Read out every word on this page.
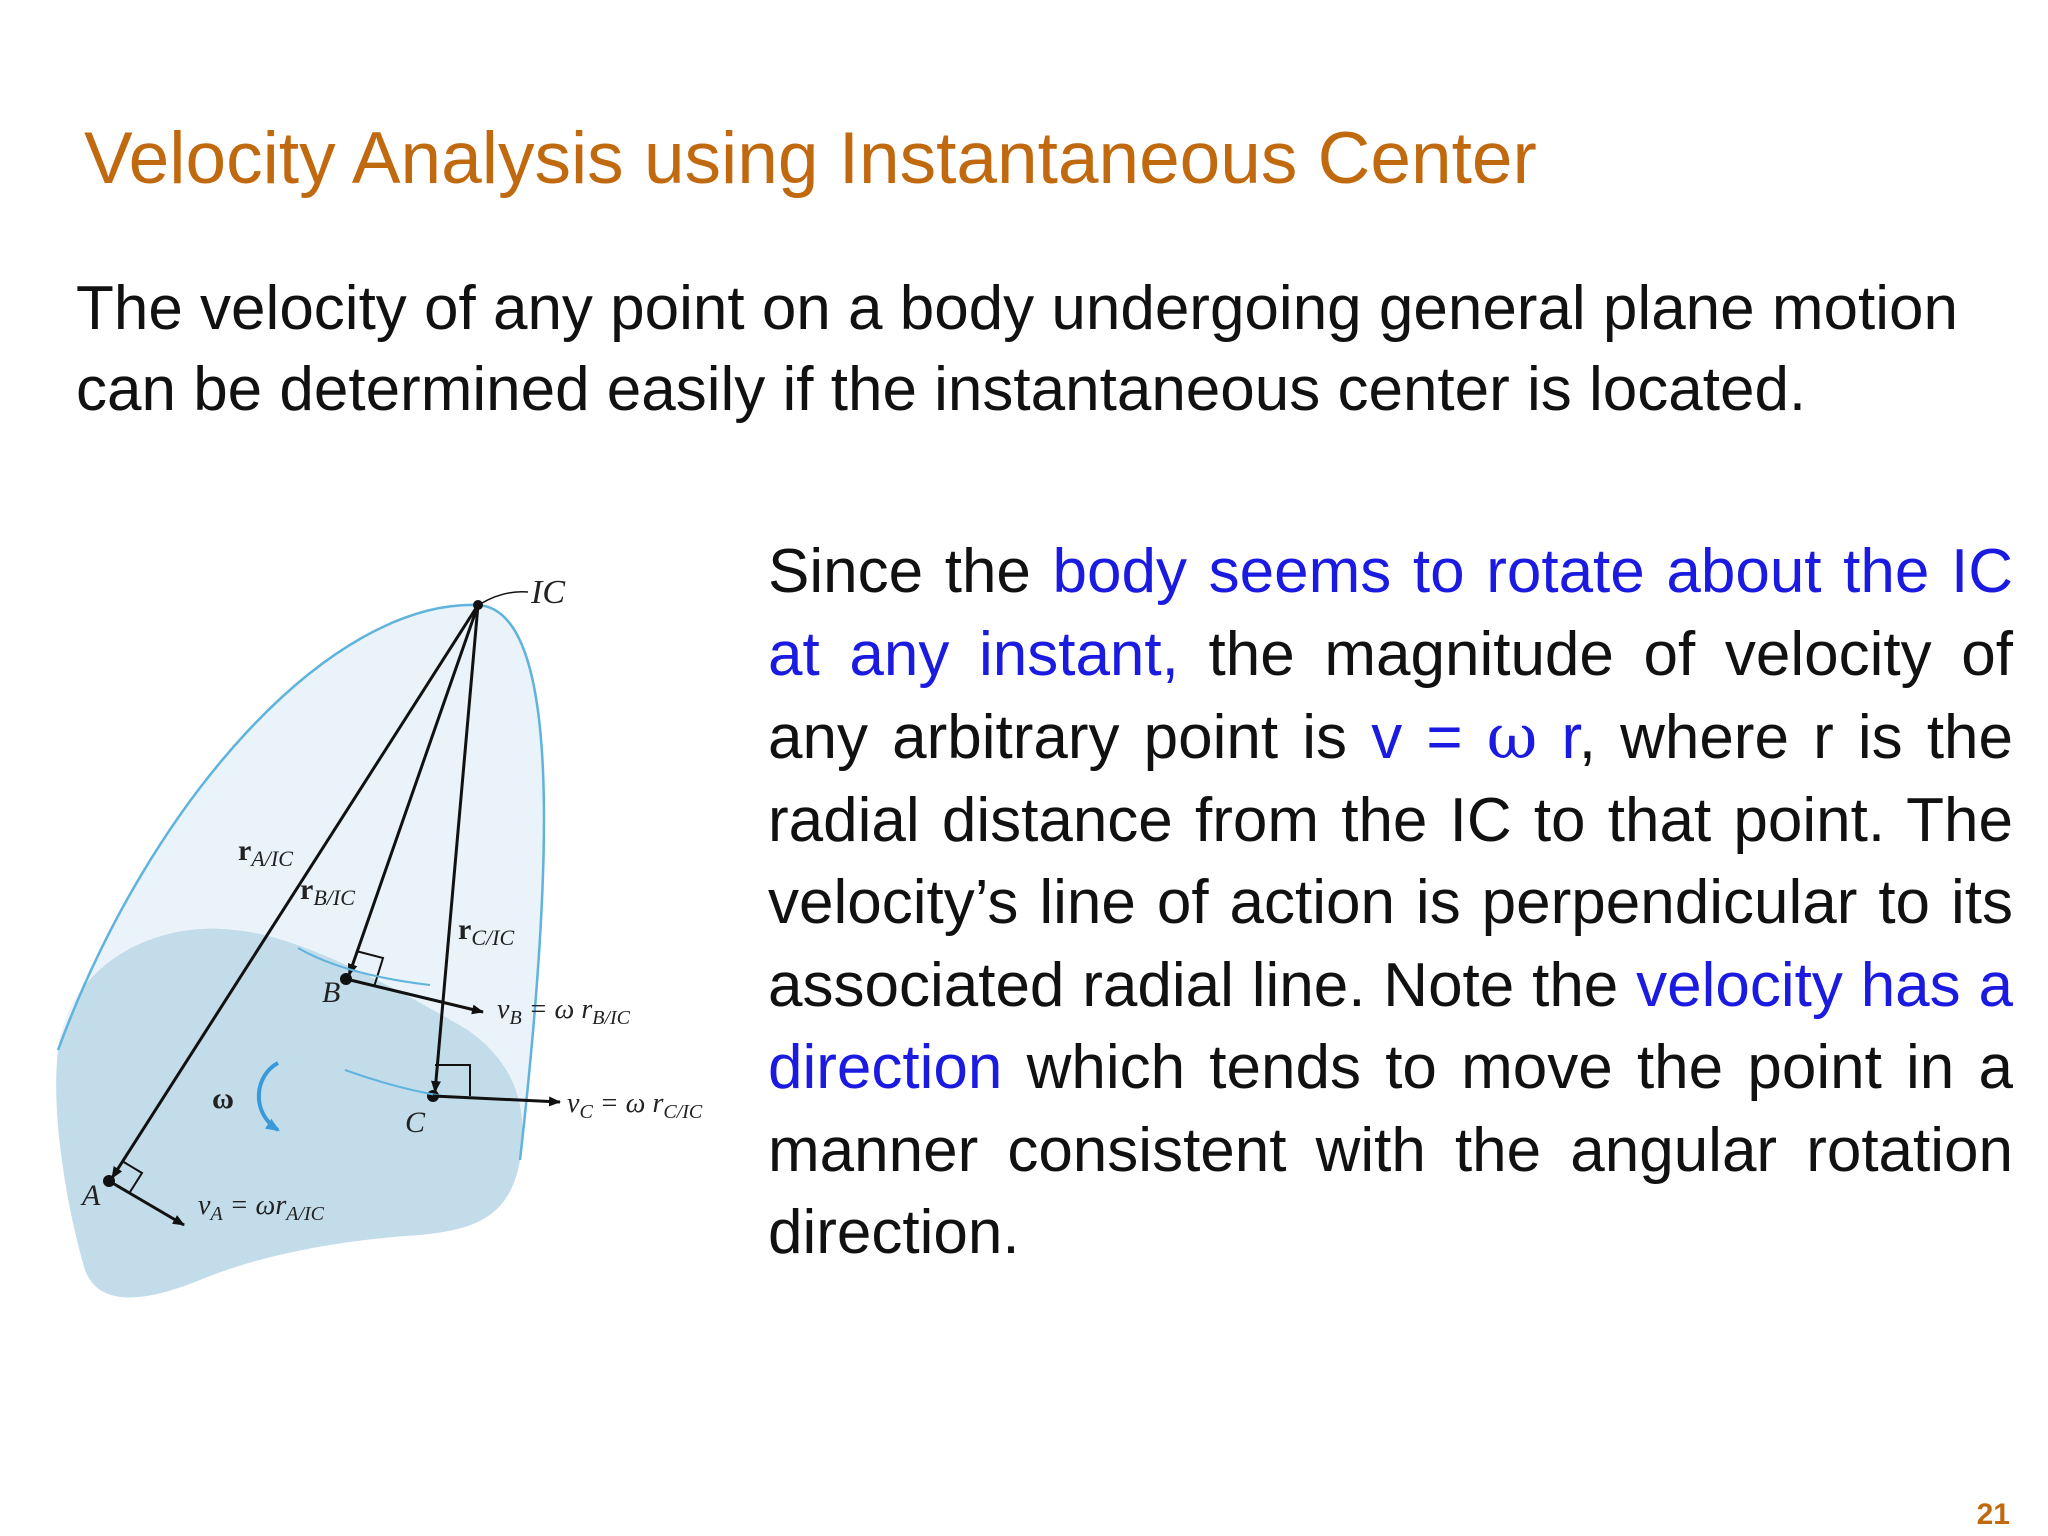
Velocity Analysis using Instantaneous Center

The velocity of any point on a body undergoing general plane motion can be determined easily if the instantaneous center is located.

IC
A
B
C
ω
$r_{A/IC}$
$r_{B/IC}$
$r_{C/IC}$
$v_B = \omega$ $r_{B/IC}$
$v_C = \omega$ $r_{C/IC}$
$v_A = \omega r_{A/IC}$

Since the body seems to rotate about the IC at any instant, the magnitude of velocity of any arbitrary point is v = ω r, where r is the radial distance from the IC to that point. The velocity’s line of action is perpendicular to its associated radial line. Note the velocity has a direction which tends to move the point in a manner consistent with the angular rotation direction.

21
